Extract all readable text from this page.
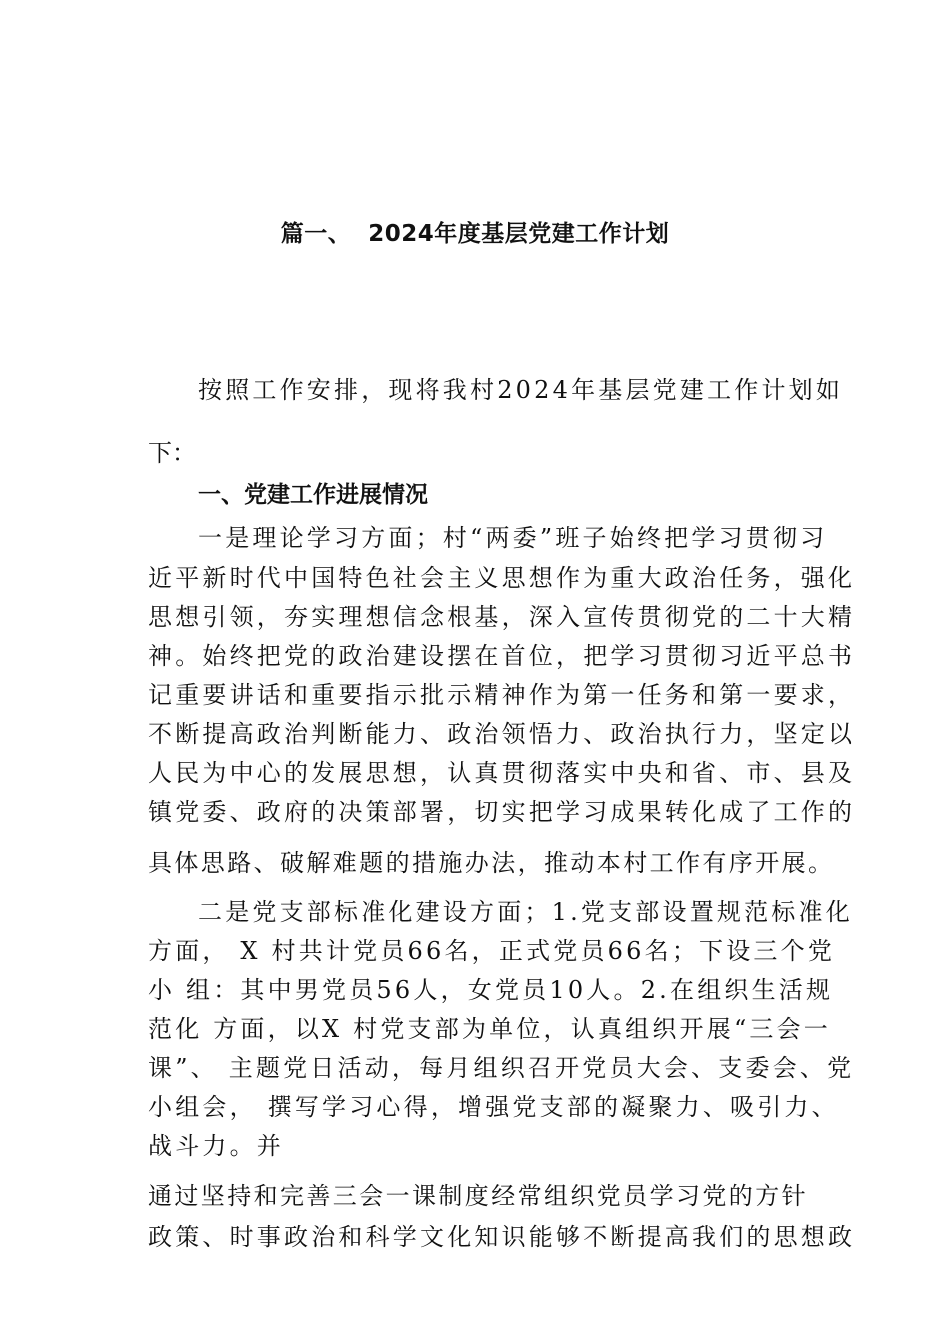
篇一、  2024年度基层党建工作计划
按照工作安排，现将我村2024年基层党建工作计划如
下：
一、党建工作进展情况
一是理论学习方面；村“两委”班子始终把学习贯彻习
近平新时代中国特色社会主义思想作为重大政治任务，强化
思想引领，夯实理想信念根基，深入宣传贯彻党的二十大精
神。始终把党的政治建设摆在首位，把学习贯彻习近平总书
记重要讲话和重要指示批示精神作为第一任务和第一要求，
不断提高政治判断能力、政治领悟力、政治执行力，坚定以
人民为中心的发展思想，认真贯彻落实中央和省、市、县及
镇党委、政府的决策部署，切实把学习成果转化成了工作的
具体思路、破解难题的措施办法，推动本村工作有序开展。
二是党支部标准化建设方面；1.党支部设置规范标准化
方面， X 村共计党员66名，正式党员66名；下设三个党
小 组：其中男党员56人，女党员10人。2.在组织生活规
范化 方面，以X 村党支部为单位，认真组织开展“三会一
课”、 主题党日活动，每月组织召开党员大会、支委会、党
小组会， 撰写学习心得，增强党支部的凝聚力、吸引力、
战斗力。并
通过坚持和完善三会一课制度经常组织党员学习党的方针
政策、时事政治和科学文化知识能够不断提高我们的思想政
